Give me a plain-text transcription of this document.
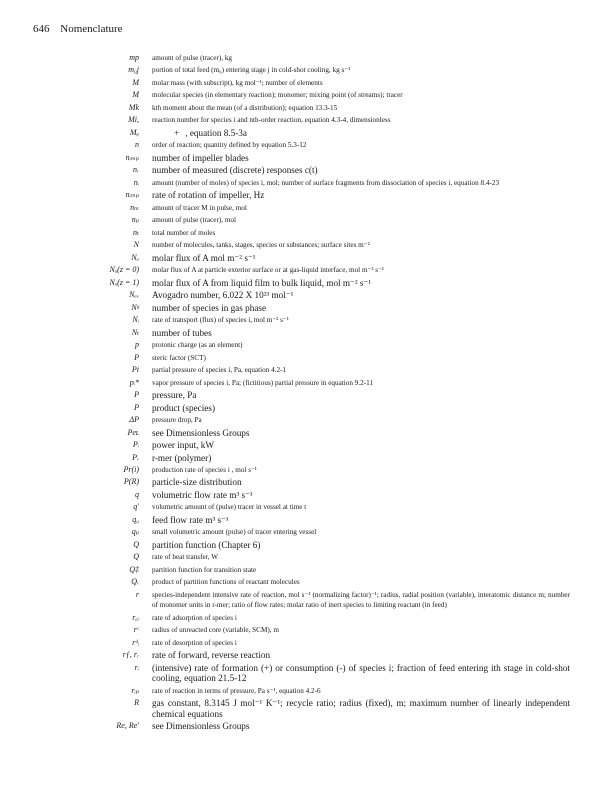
646 Nomenclature
mp amount of pulse (tracer), kg
m₀j portion of total feed (m₀) entering stage j in cold-shot cooling, kg s⁻¹
M molar mass (with subscript), kg mol⁻¹; number of elements
M molecular species (in elementary reaction); monomer; mixing point (of streams); tracer
Mk kth moment about the mean (of a distribution); equation 13.3-15
Mi, reaction number for species i and nth-order reaction, equation 4.3-4, dimensionless
Mᵩ             +   , equation 8.5-3a
n order of reaction; quantity defined by equation 5.3-12
nᵢₘₚ number of impeller blades
nᵣ number of measured (discrete) responses c(t)
nᵢ amount (number of moles) of species i, mol; number of surface fragments from dissociation of species i, equation 8.4-23
nᵢₘₚ rate of rotation of impeller, Hz
nₘ amount of tracer M in pulse, mol
nₚ amount of pulse (tracer), mol
nₜ total number of moles
N number of molecules, tanks, stages, species or substances; surface sites m⁻²
Nₐ molar flux of A mol m⁻² s⁻¹
Nₐ(z = 0) molar flux of A at particle exterior surface or at gas-liquid interface, mol m⁻² s⁻¹
Nₐ(z = 1) molar flux of A from liquid film to bulk liquid, mol m⁻² s⁻¹
Nₐᵥ Avogadro number, 6.022 X 10²³ mol⁻¹
Nᵍ number of species in gas phase
Nᵢ rate of transport (flux) of species i, mol m⁻² s⁻¹
Nₜ number of tubes
p protonic charge (as an element)
P steric factor (SCT)
Pi partial pressure of species i, Pa, equation 4.2-1
pᵢ* vapor pressure of species i, Pa; (fictitious) partial pressure in equation 9.2-11
P pressure, Pa
P product (species)
ΔP pressure drop, Pa
Peʟ see Dimensionless Groups
Pᵢ power input, kW
Pᵣ r-mer (polymer)
Pr(i) production rate of species i , mol s⁻¹
P(R) particle-size distribution
q volumetric flow rate m³ s⁻¹
q' volumetric amount of (pulse) tracer in vessel at time t
q₀ feed flow rate m³ s⁻¹
qₚ small volumetric amount (pulse) of tracer entering vessel
Q partition function (Chapter 6)
Q rate of heat transfer, W
Q‡ partition function for transition state
Qᵣ product of partition functions of reactant molecules
r species-independent intensive rate of reaction, mol s⁻¹ (normalizing factor)⁻¹; radius, radial position (variable), interatomic distance m; number of monomer units in r-mer; ratio of flow rates; molar ratio of inert species to limiting reactant (in feed)
rₐᵢ rate of adsorption of species i
rᶜ radius of unreacted core (variable, SCM), m
rᵈᵢ rate of desorption of species i
rƒ, rᵣ rate of forward, reverse reaction
rᵢ (intensive) rate of formation (+) or consumption (-) of species i; fraction of feed entering ith stage in cold-shot cooling, equation 21.5-12
rᵢₚ rate of reaction in terms of pressure, Pa s⁻¹, equation 4.2-6
R gas constant, 8.3145 J mol⁻¹ K⁻¹; recycle ratio; radius (fixed), m; maximum number of linearly independent chemical equations
Re, Re' see Dimensionless Groups
